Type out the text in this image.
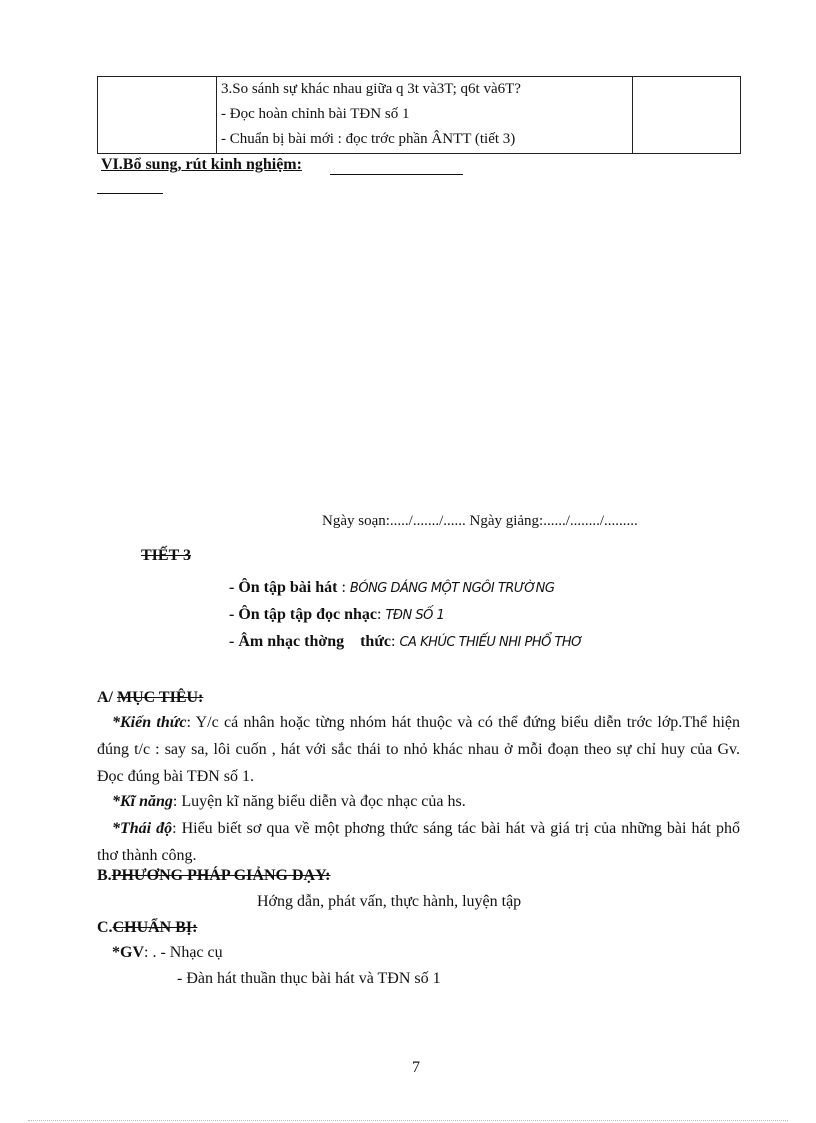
3.So sánh sự khác nhau giữa q 3t và3T; q6t và6T?
- Đọc hoàn chỉnh bài TĐN số 1
- Chuẩn bị bài mới : đọc trớc phần ÂNTT (tiết 3)

VI.Bổ sung, rút kinh nghiệm:
Ngày soạn:...../......./...... Ngày giảng:....../......../.........
TIẾT 3
- Ôn tập bài hát : BÓNG DÁNG MỘT NGÔI TRƯỜNG
- Ôn tập tập đọc nhạc: TĐN SỐ 1
- Âm nhạc thờng    thức: CA KHÚC THIẾU NHI PHỔ THƠ
A/ MỤC TIÊU:
*Kiến thức: Y/c cá nhân hoặc từng nhóm hát thuộc và có thể đứng biểu diễn trớc lớp.Thể hiện đúng t/c : say sa, lôi cuốn , hát với sắc thái to nhỏ khác nhau ở mỗi đoạn theo sự chỉ huy của Gv. Đọc đúng bài TĐN số 1.
*Kĩ năng: Luyện kĩ năng biểu diễn và đọc nhạc của hs.
*Thái độ: Hiểu biết sơ qua về một phơng thức sáng tác bài hát và giá trị của những bài hát phổ thơ thành công.
B.PHƯƠNG PHÁP GIẢNG DẠY:
Hớng dẫn, phát vấn, thực hành, luyện tập
C.CHUẨN BỊ:
*GV: . - Nhạc cụ
- Đàn hát thuần thục bài hát và TĐN số 1
7
